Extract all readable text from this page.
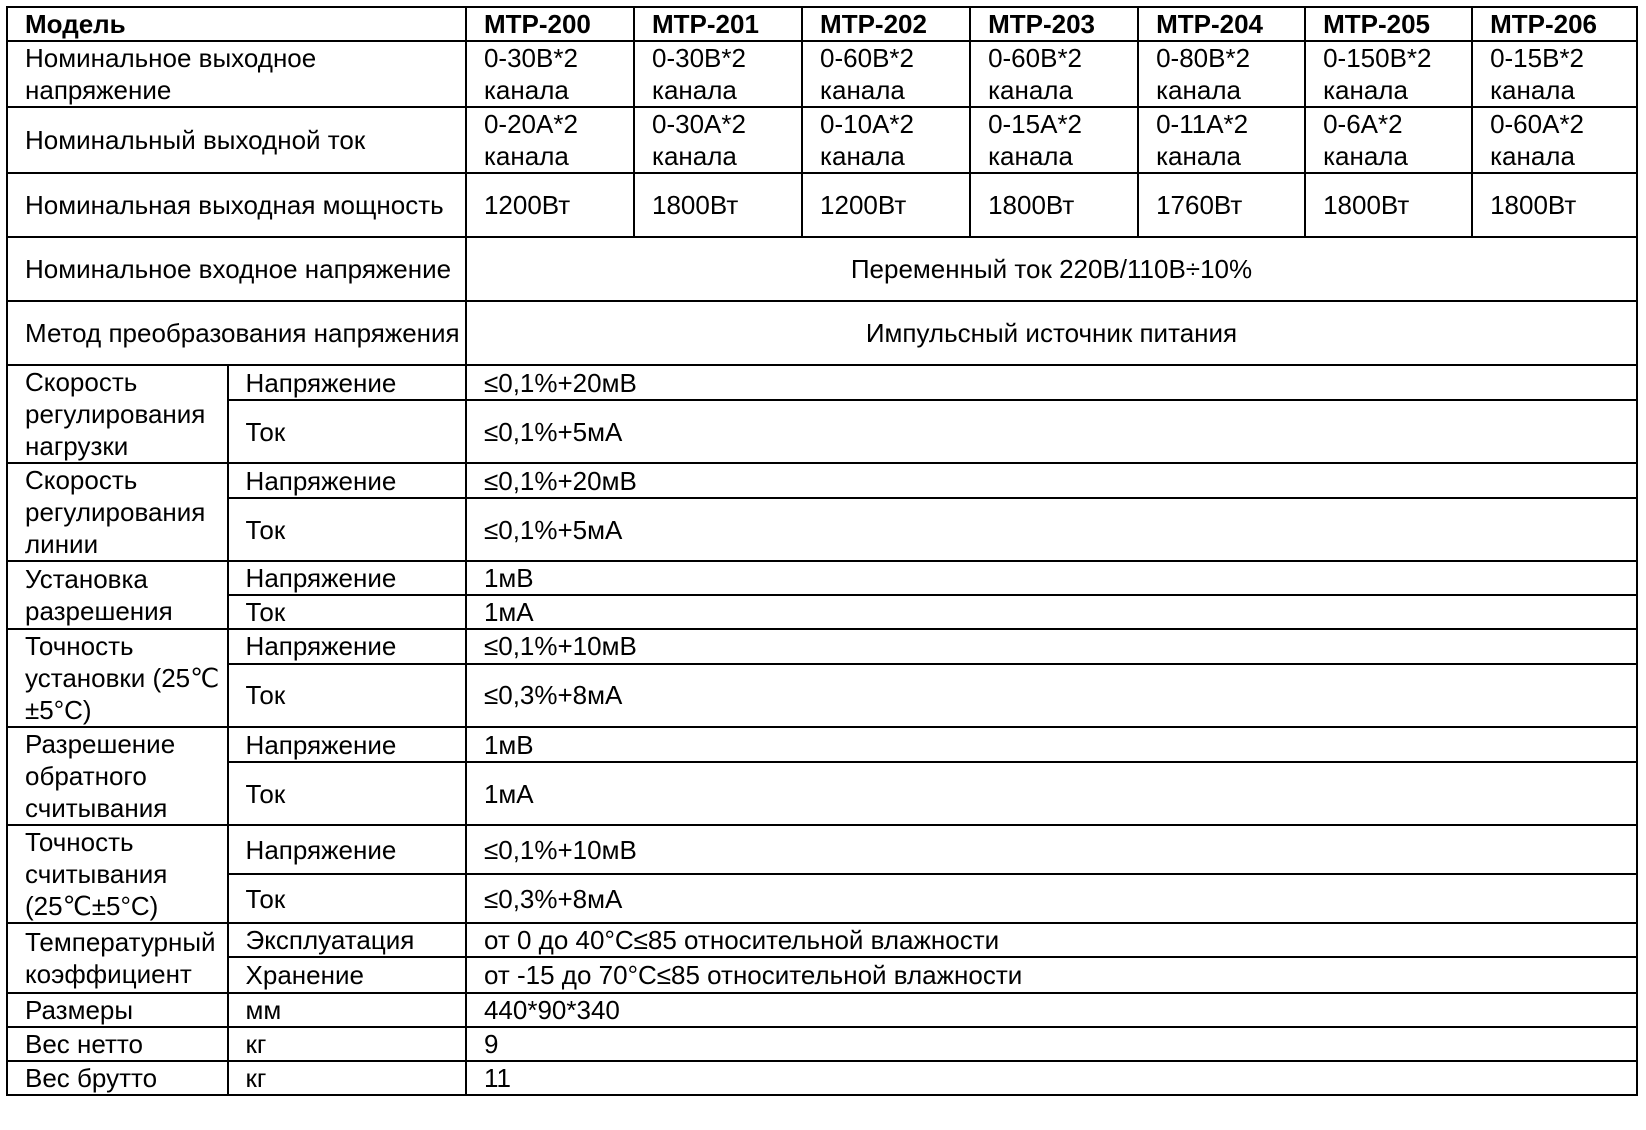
Модель		MTP-200	MTP-201	MTP-202	MTP-203	MTP-204	MTP-205	MTP-206
Номинальное выходное напряжение		0-30В*2 канала	0-30В*2 канала	0-60В*2 канала	0-60В*2 канала	0-80В*2 канала	0-150В*2 канала	0-15В*2 канала
Номинальный выходной ток		0-20А*2 канала	0-30А*2 канала	0-10А*2 канала	0-15А*2 канала	0-11А*2 канала	0-6А*2 канала	0-60А*2 канала
Номинальная выходная мощность		1200Вт	1800Вт	1200Вт	1800Вт	1760Вт	1800Вт	1800Вт
Номинальное входное напряжение		Переменный ток 220В/110В÷10%						
Метод преобразования напряжения		Импульсный источник питания						
Скорость регулирования нагрузки	Напряжение	≤0,1%+20мВ						
	Ток	≤0,1%+5мА						
Скорость регулирования линии	Напряжение	≤0,1%+20мВ						
	Ток	≤0,1%+5мА						
Установка разрешения	Напряжение	1мВ						
	Ток	1мА						
Точность установки (25℃±5°С)	Напряжение	≤0,1%+10мВ						
	Ток	≤0,3%+8мА						
Разрешение обратного считывания	Напряжение	1мВ						
	Ток	1мА						
Точность считывания (25℃±5°С)	Напряжение	≤0,1%+10мВ						
	Ток	≤0,3%+8мА						
Температурный коэффициент	Эксплуатация	от 0 до 40°С≤85 относительной влажности						
	Хранение	от -15 до 70°С≤85 относительной влажности						
Размеры	мм	440*90*340						
Вес нетто	кг	9						
Вес брутто	кг	11						
